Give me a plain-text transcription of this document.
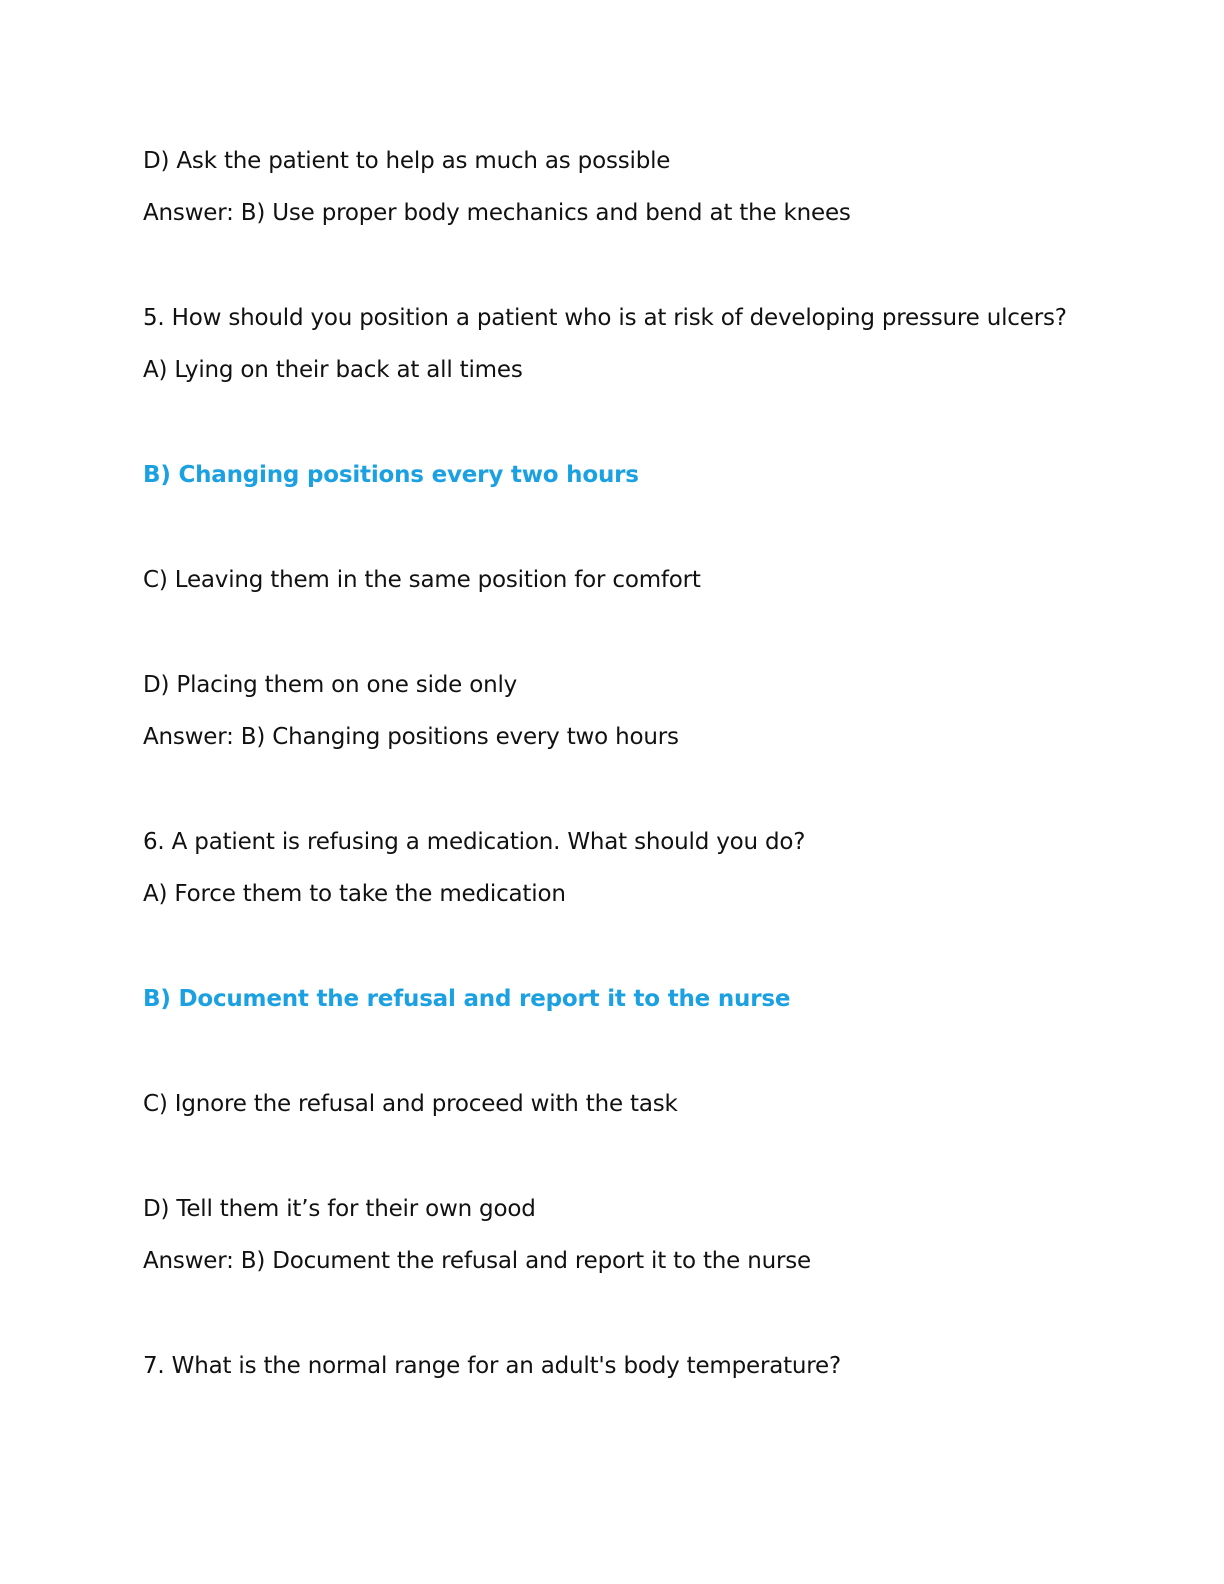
D) Ask the patient to help as much as possible
Answer: B) Use proper body mechanics and bend at the knees
5. How should you position a patient who is at risk of developing pressure ulcers?
A) Lying on their back at all times
B) Changing positions every two hours
C) Leaving them in the same position for comfort
D) Placing them on one side only
Answer: B) Changing positions every two hours
6. A patient is refusing a medication. What should you do?
A) Force them to take the medication
B) Document the refusal and report it to the nurse
C) Ignore the refusal and proceed with the task
D) Tell them it’s for their own good
Answer: B) Document the refusal and report it to the nurse
7. What is the normal range for an adult's body temperature?
